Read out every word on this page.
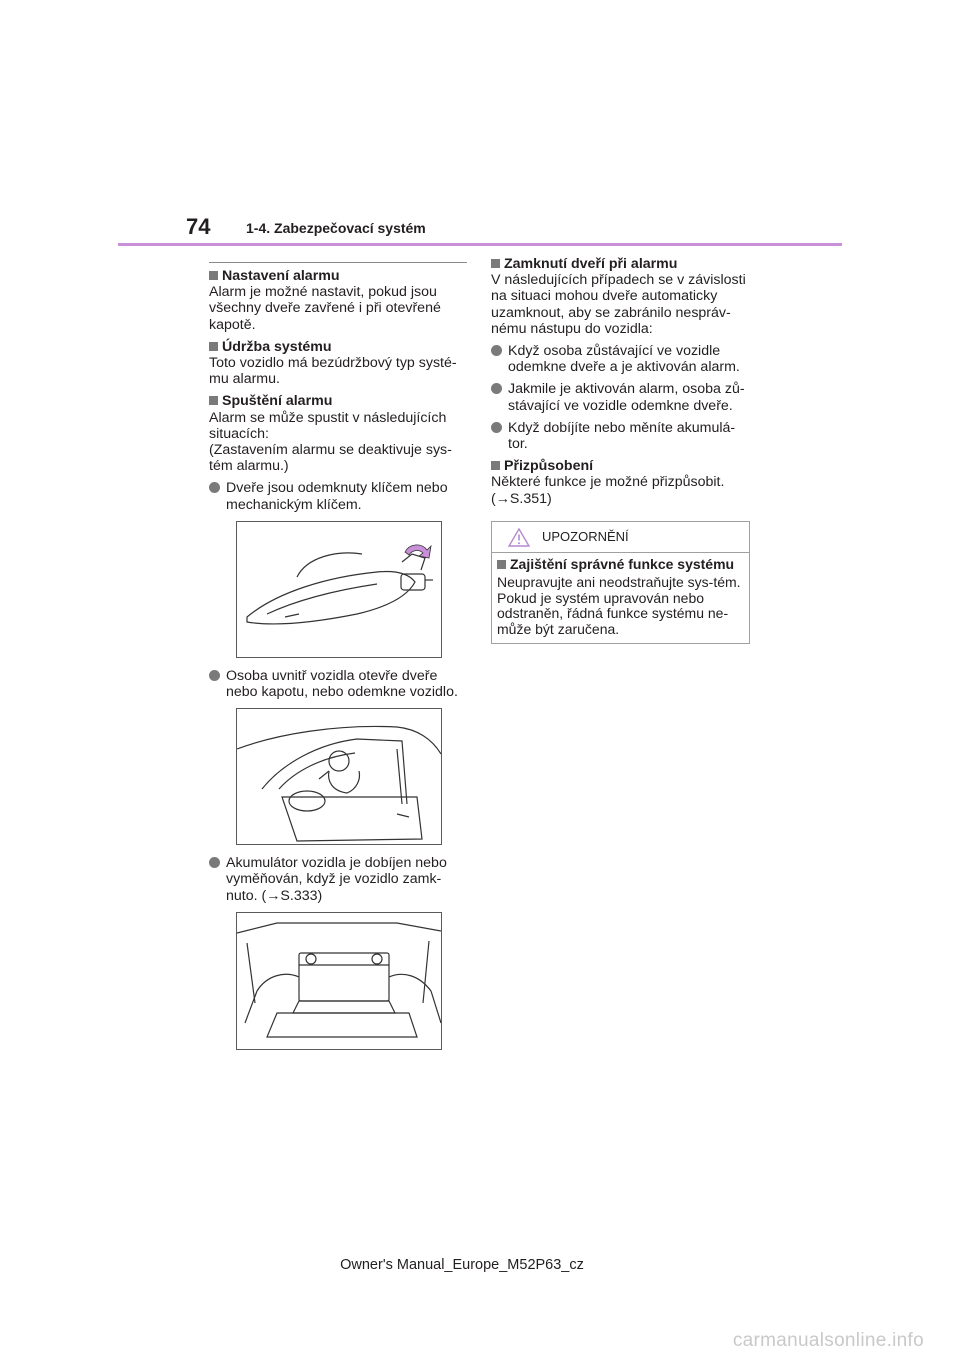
74	1-4. Zabezpečovací systém
Nastavení alarmu

Alarm je možné nastavit, pokud jsou všechny dveře zavřené i při otevřené kapotě.

Údržba systému

Toto vozidlo má bezúdržbový typ systé-mu alarmu.

Spuštění alarmu

Alarm se může spustit v následujících situacích:

(Zastavením alarmu se deaktivuje sys-tém alarmu.)

Dveře jsou odemknuty klíčem nebo mechanickým klíčem.
Osoba uvnitř vozidla otevře dveře nebo kapotu, nebo odemkne vozidlo.
Akumulátor vozidla je dobíjen nebo vyměňován, když je vozidlo zamk-nuto. (→S.333)
Zamknutí dveří při alarmu

V následujících případech se v závislosti na situaci mohou dveře automaticky uzamknout, aby se zabránilo nespráv-nému nástupu do vozidla:

Když osoba zůstávající ve vozidle odemkne dveře a je aktivován alarm.
Jakmile je aktivován alarm, osoba zů-stávající ve vozidle odemkne dveře.
Když dobíjíte nebo měníte akumulá-tor.
Přizpůsobení

Některé funkce je možné přizpůsobit. (→S.351)

UPOZORNĚNÍ
Zajištění správné funkce systému
Neupravujte ani neodstraňujte sys-tém. Pokud je systém upravován nebo odstraněn, řádná funkce systému ne-může být zaručena.
Owner's Manual_Europe_M52P63_cz
carmanualsonline.info
